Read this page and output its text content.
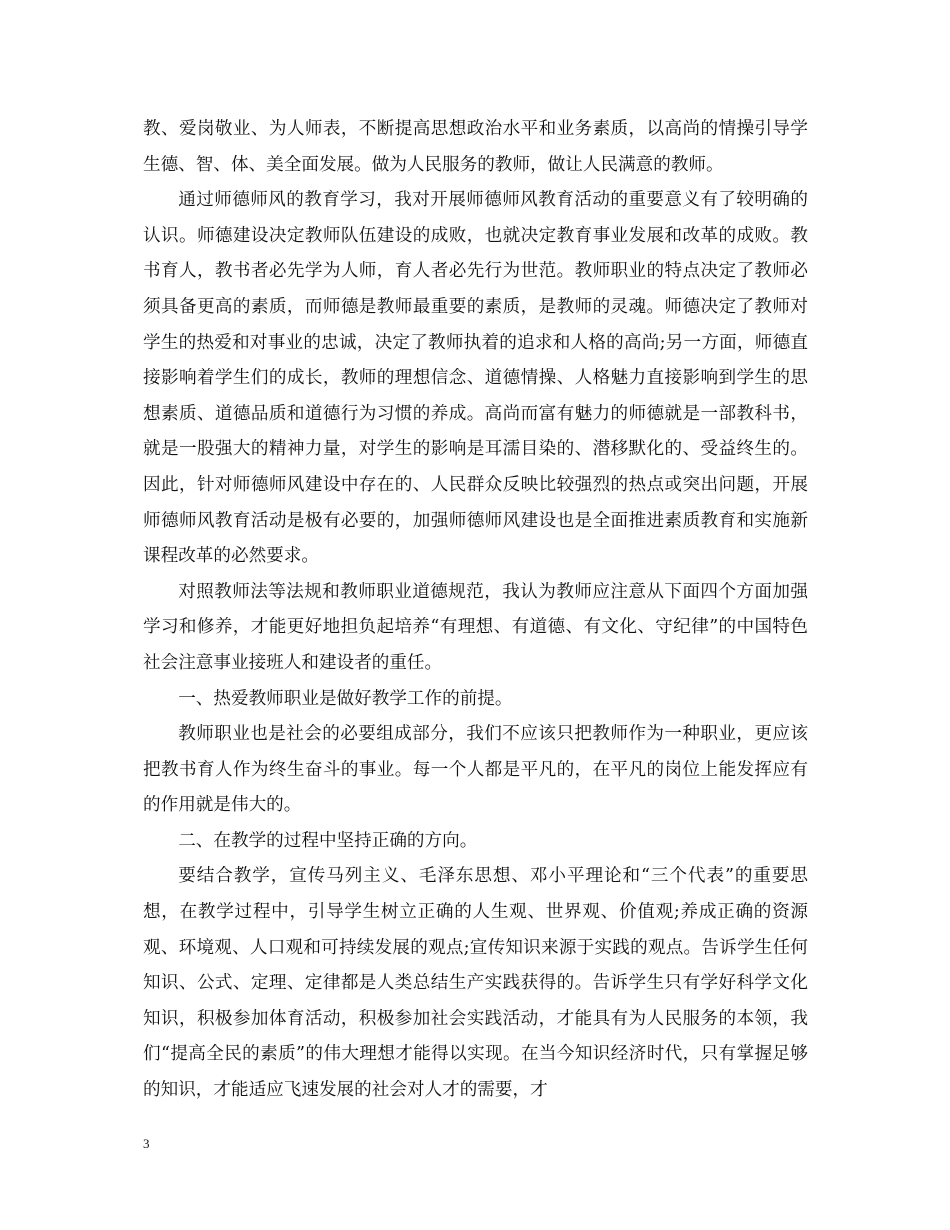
教、爱岗敬业、为人师表，不断提高思想政治水平和业务素质，以高尚的情操引导学生德、智、体、美全面发展。做为人民服务的教师，做让人民满意的教师。

通过师德师风的教育学习，我对开展师德师风教育活动的重要意义有了较明确的认识。师德建设决定教师队伍建设的成败，也就决定教育事业发展和改革的成败。教书育人，教书者必先学为人师，育人者必先行为世范。教师职业的特点决定了教师必须具备更高的素质，而师德是教师最重要的素质，是教师的灵魂。师德决定了教师对学生的热爱和对事业的忠诚，决定了教师执着的追求和人格的高尚;另一方面，师德直接影响着学生们的成长，教师的理想信念、道德情操、人格魅力直接影响到学生的思想素质、道德品质和道德行为习惯的养成。高尚而富有魅力的师德就是一部教科书，就是一股强大的精神力量，对学生的影响是耳濡目染的、潜移默化的、受益终生的。因此，针对师德师风建设中存在的、人民群众反映比较强烈的热点或突出问题，开展师德师风教育活动是极有必要的，加强师德师风建设也是全面推进素质教育和实施新课程改革的必然要求。

对照教师法等法规和教师职业道德规范，我认为教师应注意从下面四个方面加强学习和修养，才能更好地担负起培养“有理想、有道德、有文化、守纪律”的中国特色社会注意事业接班人和建设者的重任。

一、热爱教师职业是做好教学工作的前提。

教师职业也是社会的必要组成部分，我们不应该只把教师作为一种职业，更应该把教书育人作为终生奋斗的事业。每一个人都是平凡的，在平凡的岗位上能发挥应有的作用就是伟大的。

二、在教学的过程中坚持正确的方向。

要结合教学，宣传马列主义、毛泽东思想、邓小平理论和“三个代表”的重要思想，在教学过程中，引导学生树立正确的人生观、世界观、价值观;养成正确的资源观、环境观、人口观和可持续发展的观点;宣传知识来源于实践的观点。告诉学生任何知识、公式、定理、定律都是人类总结生产实践获得的。告诉学生只有学好科学文化知识，积极参加体育活动，积极参加社会实践活动，才能具有为人民服务的本领，我们“提高全民的素质”的伟大理想才能得以实现。在当今知识经济时代，只有掌握足够的知识，才能适应飞速发展的社会对人才的需要，才

3
